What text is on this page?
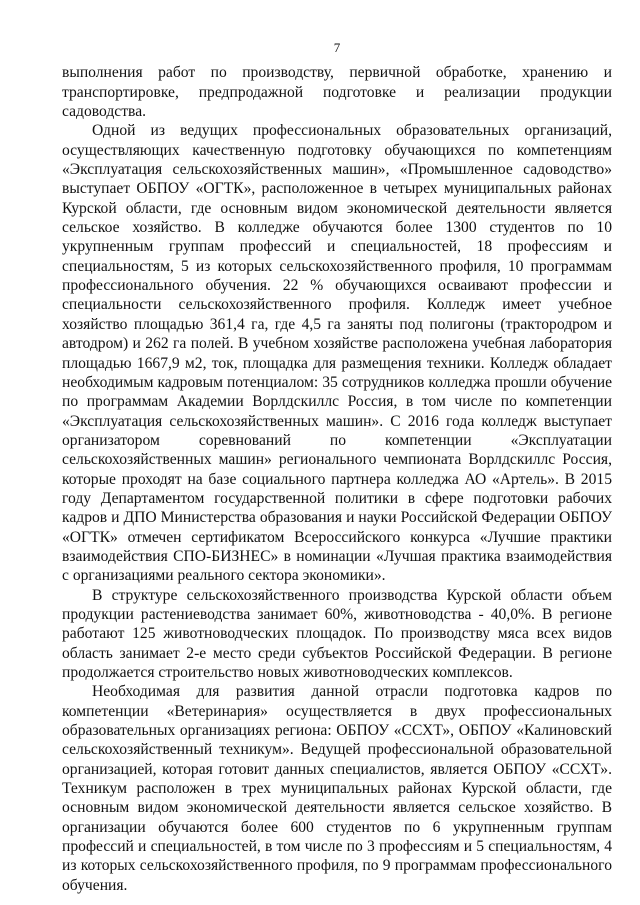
7

выполнения работ по производству, первичной обработке, хранению и транспортировке, предпродажной подготовке и реализации продукции садоводства.

Одной из ведущих профессиональных образовательных организаций, осуществляющих качественную подготовку обучающихся по компетенциям «Эксплуатация сельскохозяйственных машин», «Промышленное садоводство» выступает ОБПОУ «ОГТК», расположенное в четырех муниципальных районах Курской области, где основным видом экономической деятельности является сельское хозяйство. В колледже обучаются более 1300 студентов по 10 укрупненным группам профессий и специальностей, 18 профессиям и специальностям, 5 из которых сельскохозяйственного профиля, 10 программам профессионального обучения. 22 % обучающихся осваивают профессии и специальности сельскохозяйственного профиля. Колледж имеет учебное хозяйство площадью 361,4 га, где 4,5 га заняты под полигоны (трактородром и автодром) и 262 га полей. В учебном хозяйстве расположена учебная лаборатория площадью 1667,9 м2, ток, площадка для размещения техники. Колледж обладает необходимым кадровым потенциалом: 35 сотрудников колледжа прошли обучение по программам Академии Ворлдскиллс Россия, в том числе по компетенции «Эксплуатация сельскохозяйственных машин». С 2016 года колледж выступает организатором соревнований по компетенции «Эксплуатации сельскохозяйственных машин» регионального чемпионата Ворлдскиллс Россия, которые проходят на базе социального партнера колледжа АО «Артель». В 2015 году Департаментом государственной политики в сфере подготовки рабочих кадров и ДПО Министерства образования и науки Российской Федерации ОБПОУ «ОГТК» отмечен сертификатом Всероссийского конкурса «Лучшие практики взаимодействия СПО-БИЗНЕС» в номинации «Лучшая практика взаимодействия с организациями реального сектора экономики».

В структуре сельскохозяйственного производства Курской области объем продукции растениеводства занимает 60%, животноводства - 40,0%. В регионе работают 125 животноводческих площадок. По производству мяса всех видов область занимает 2-е место среди субъектов Российской Федерации. В регионе продолжается строительство новых животноводческих комплексов.

Необходимая для развития данной отрасли подготовка кадров по компетенции «Ветеринария» осуществляется в двух профессиональных образовательных организациях региона: ОБПОУ «ССХТ», ОБПОУ «Калиновский сельскохозяйственный техникум». Ведущей профессиональной образовательной организацией, которая готовит данных специалистов, является ОБПОУ «ССХТ». Техникум расположен в трех муниципальных районах Курской области, где основным видом экономической деятельности является сельское хозяйство. В организации обучаются более 600 студентов по 6 укрупненным группам профессий и специальностей, в том числе по 3 профессиям и 5 специальностям, 4 из которых сельскохозяйственного профиля, по 9 программам профессионального обучения.
